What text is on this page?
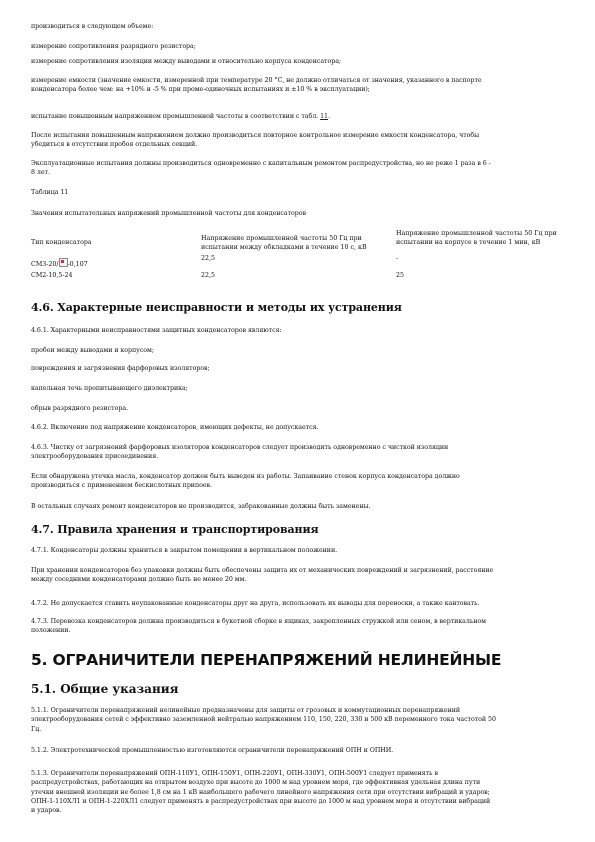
производиться в следующем объеме:

измерение сопротивления разрядного резистора;

измерение сопротивления изоляции между выводами и относительно корпуса конденсатора;

измерение емкости (значение емкости, измеренной при температуре 20 °С, не должно отличаться от значения, указанного в паспорте

конденсатора более чем: на +10% и -5 % при проме-одиночных испытаниях и ±10 % в эксплуатации);

испытание повышенным напряжением промышленной частоты в соответствии с табл. 11.

После испытания повышенным напряжением должно производиться повторное контрольное измерение емкости конденсатора, чтобы

убедиться в отсутствии пробоя отдельных секций.

Эксплуатационные испытания должны производиться одновременно с капитальным ремонтом распредустройства, но не реже 1 раза в 6 -

8 лет.

Таблица 11

Значения испытательных напряжений промышленной частоты для конденсаторов

Тип конденсатора	Напряжение промышленной частоты 50 Гц при испытании между обкладками в течение 10 с, кВ	Напряжение промышленной частоты 50 Гц при испытании на корпусе в течение 1 мин, кВ
СМ3-20/ -0,107	22,5	-
СМ2-10,5-24	22,5	25
4.6. Характерные неисправности и методы их устранения

4.6.1. Характерными неисправностями защитных конденсаторов являются:

пробои между выводами и корпусом;

повреждения и загрязнения фарфоровых изоляторов;

капельная течь пропитывающего диэлектрика;

обрыв разрядного резистора.

4.6.2. Включение под напряжение конденсаторов, имеющих дефекты, не допускается.

4.6.3. Чистку от загрязнений фарфоровых изоляторов конденсаторов следует производить одновременно с чисткой изоляции

электрооборудования присоединения.

Если обнаружена утечка масла, конденсатор должен быть выведен из работы. Запаивание стенок корпуса конденсатора должно

производиться с применением бескислотных припоев.

В остальных случаях ремонт конденсаторов не производится, забракованные должны быть заменены.

4.7. Правила хранения и транспортирования

4.7.1. Конденсаторы должны храниться в закрытом помещении в вертикальном положении.

При хранении конденсаторов без упаковки должны быть обеспечены защита их от механических повреждений и загрязнений, расстояние

между соседними конденсаторами должно быть не менее 20 мм.

4.7.2. Не допускается ставить неупакованные конденсаторы друг на друга, использовать их выводы для переноски, а также кантовать.

4.7.3. Перевозка конденсаторов должна производиться в букетной сборке в ящиках, закрепленных стружкой или сеном, в вертикальном

положении.

5. ОГРАНИЧИТЕЛИ ПЕРЕНАПРЯЖЕНИЙ НЕЛИНЕЙНЫЕ
5.1. Общие указания

5.1.1. Ограничители перенапряжений нелинейные предназначены для защиты от грозовых и коммутационных перенапряжений

электрооборудования сетей с эффективно заземленной нейтралью напряжением 110, 150, 220, 330 и 500 кВ переменного тока частотой 50

Гц.

5.1.2. Электротехнической промышленностью изготовляются ограничители перенапряжений ОПН и ОПНИ.

5.1.3. Ограничители перенапряжений ОПН-110У1, ОПН-150У1, ОПН-220У1, ОПН-330У1, ОПН-500У1 следует применять в

распредустройствах, работающих на открытом воздухе при высоте до 1000 м над уровнем моря, где эффективная удельная длина пути

утечки внешней изоляции не более 1,8 см на 1 кВ наибольшего рабочего линейного напряжения сети при отсутствии вибраций и ударов;

ОПН-1-110ХЛ1 и ОПН-1-220ХЛ1 следует применять в распредустройствах при высоте до 1000 м над уровнем моря и отсутствии вибраций

и ударов.
